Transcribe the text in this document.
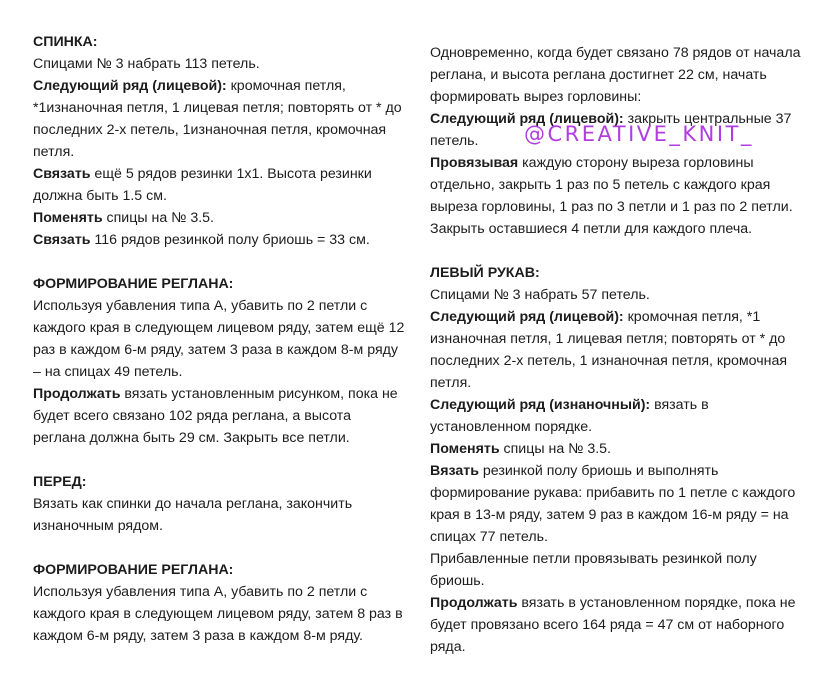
СПИНКА:

Спицами № 3 набрать 113 петель.

Следующий ряд (лицевой): кромочная петля, *1изнаночная петля, 1 лицевая петля; повторять от * до последних 2-х петель, 1изнаночная петля, кромочная петля.

Связать ещё 5 рядов резинки 1х1. Высота резинки должна быть 1.5 см.

Поменять спицы на № 3.5.

Связать 116 рядов резинкой полу бриошь = 33 см.

ФОРМИРОВАНИЕ РЕГЛАНА:

Используя убавления типа А, убавить по 2 петли с каждого края в следующем лицевом ряду, затем ещё 12 раз в каждом 6-м ряду, затем 3 раза в каждом 8-м ряду – на спицах 49 петель.

Продолжать вязать установленным рисунком, пока не будет всего связано 102 ряда реглана, а высота реглана должна быть 29 см. Закрыть все петли.

ПЕРЕД:

Вязать как спинки до начала реглана, закончить изнаночным рядом.

ФОРМИРОВАНИЕ РЕГЛАНА:

Используя убавления типа А, убавить по 2 петли с каждого края в следующем лицевом ряду, затем 8 раз в каждом 6-м ряду, затем 3 раза в каждом 8-м ряду.

Одновременно, когда будет связано 78 рядов от начала реглана, и высота реглана достигнет 22 см, начать формировать вырез горловины:

Следующий ряд (лицевой): закрыть центральные 37 петель.

Провязывая каждую сторону выреза горловины отдельно, закрыть 1 раз по 5 петель с каждого края выреза горловины, 1 раз по 3 петли и 1 раз по 2 петли. Закрыть оставшиеся 4 петли для каждого плеча.

ЛЕВЫЙ РУКАВ:

Спицами № 3 набрать 57 петель.

Следующий ряд (лицевой): кромочная петля, *1 изнаночная петля, 1 лицевая петля; повторять от * до последних 2-х петель, 1 изнаночная петля, кромочная петля.

Следующий ряд (изнаночный): вязать в установленном порядке.

Поменять спицы на № 3.5.

Вязать резинкой полу бриошь и выполнять формирование рукава: прибавить по 1 петле с каждого края в 13-м ряду, затем 9 раз в каждом 16-м ряду = на спицах 77 петель.

Прибавленные петли провязывать резинкой полу бриошь.

Продолжать вязать в установленном порядке, пока не будет провязано всего 164 ряда = 47 см от наборного ряда.

@CREATIVE_KNIT_
